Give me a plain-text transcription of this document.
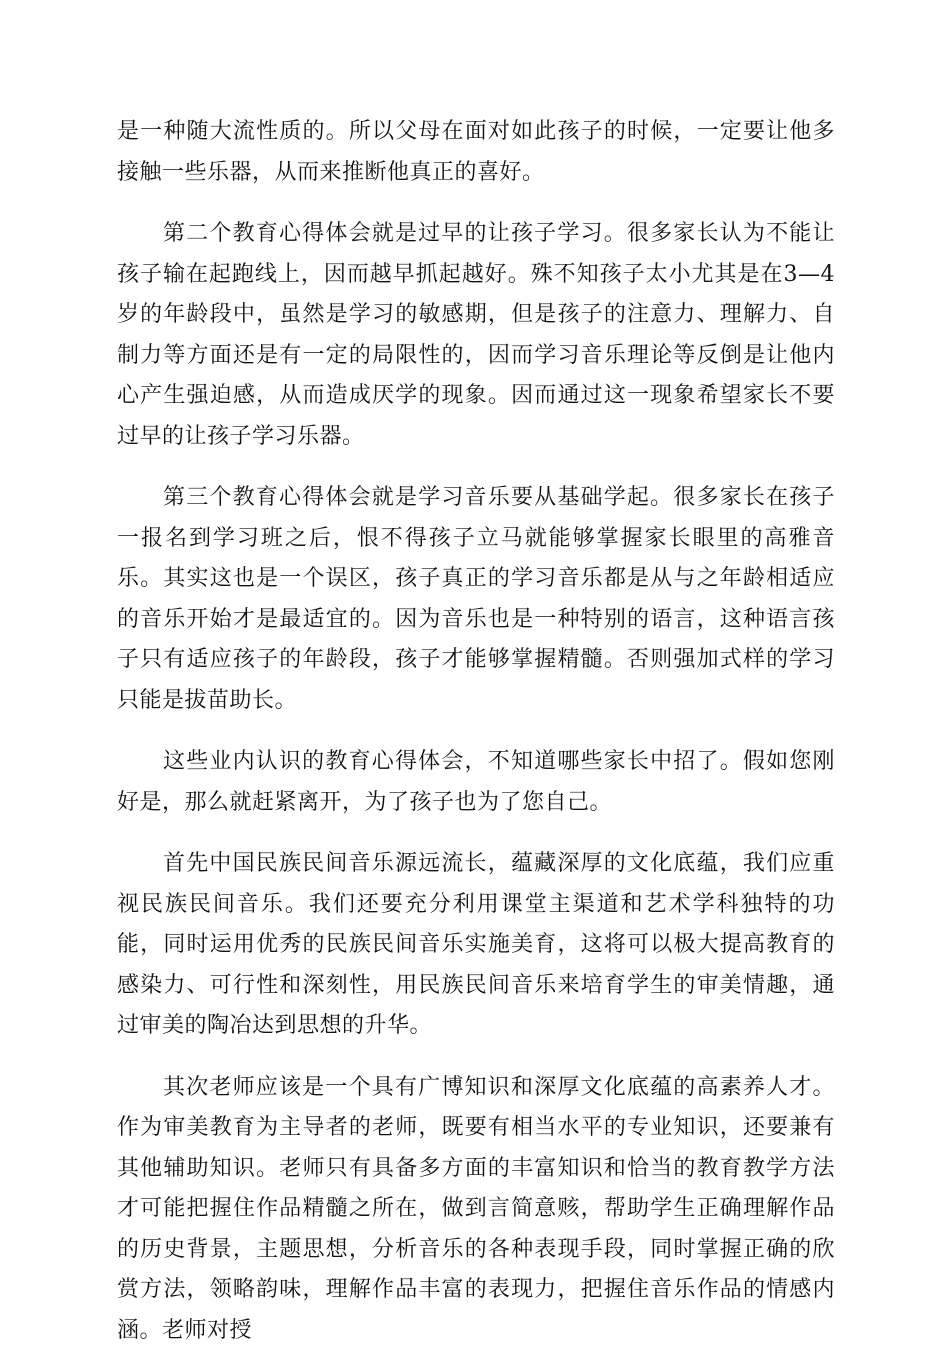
是一种随大流性质的。所以父母在面对如此孩子的时候，一定要让他多接触一些乐器，从而来推断他真正的喜好。

第二个教育心得体会就是过早的让孩子学习。很多家长认为不能让孩子输在起跑线上，因而越早抓起越好。殊不知孩子太小尤其是在3—4岁的年龄段中，虽然是学习的敏感期，但是孩子的注意力、理解力、自制力等方面还是有一定的局限性的，因而学习音乐理论等反倒是让他内心产生强迫感，从而造成厌学的现象。因而通过这一现象希望家长不要过早的让孩子学习乐器。

第三个教育心得体会就是学习音乐要从基础学起。很多家长在孩子一报名到学习班之后，恨不得孩子立马就能够掌握家长眼里的高雅音乐。其实这也是一个误区，孩子真正的学习音乐都是从与之年龄相适应的音乐开始才是最适宜的。因为音乐也是一种特别的语言，这种语言孩子只有适应孩子的年龄段，孩子才能够掌握精髓。否则强加式样的学习只能是拔苗助长。

这些业内认识的教育心得体会，不知道哪些家长中招了。假如您刚好是，那么就赶紧离开，为了孩子也为了您自己。

首先中国民族民间音乐源远流长，蕴藏深厚的文化底蕴，我们应重视民族民间音乐。我们还要充分利用课堂主渠道和艺术学科独特的功能，同时运用优秀的民族民间音乐实施美育，这将可以极大提高教育的感染力、可行性和深刻性，用民族民间音乐来培育学生的审美情趣，通过审美的陶冶达到思想的升华。

其次老师应该是一个具有广博知识和深厚文化底蕴的高素养人才。作为审美教育为主导者的老师，既要有相当水平的专业知识，还要兼有其他辅助知识。老师只有具备多方面的丰富知识和恰当的教育教学方法才可能把握住作品精髓之所在，做到言简意赅，帮助学生正确理解作品的历史背景，主题思想，分析音乐的各种表现手段，同时掌握正确的欣赏方法，领略韵味，理解作品丰富的表现力，把握住音乐作品的情感内涵。老师对授
